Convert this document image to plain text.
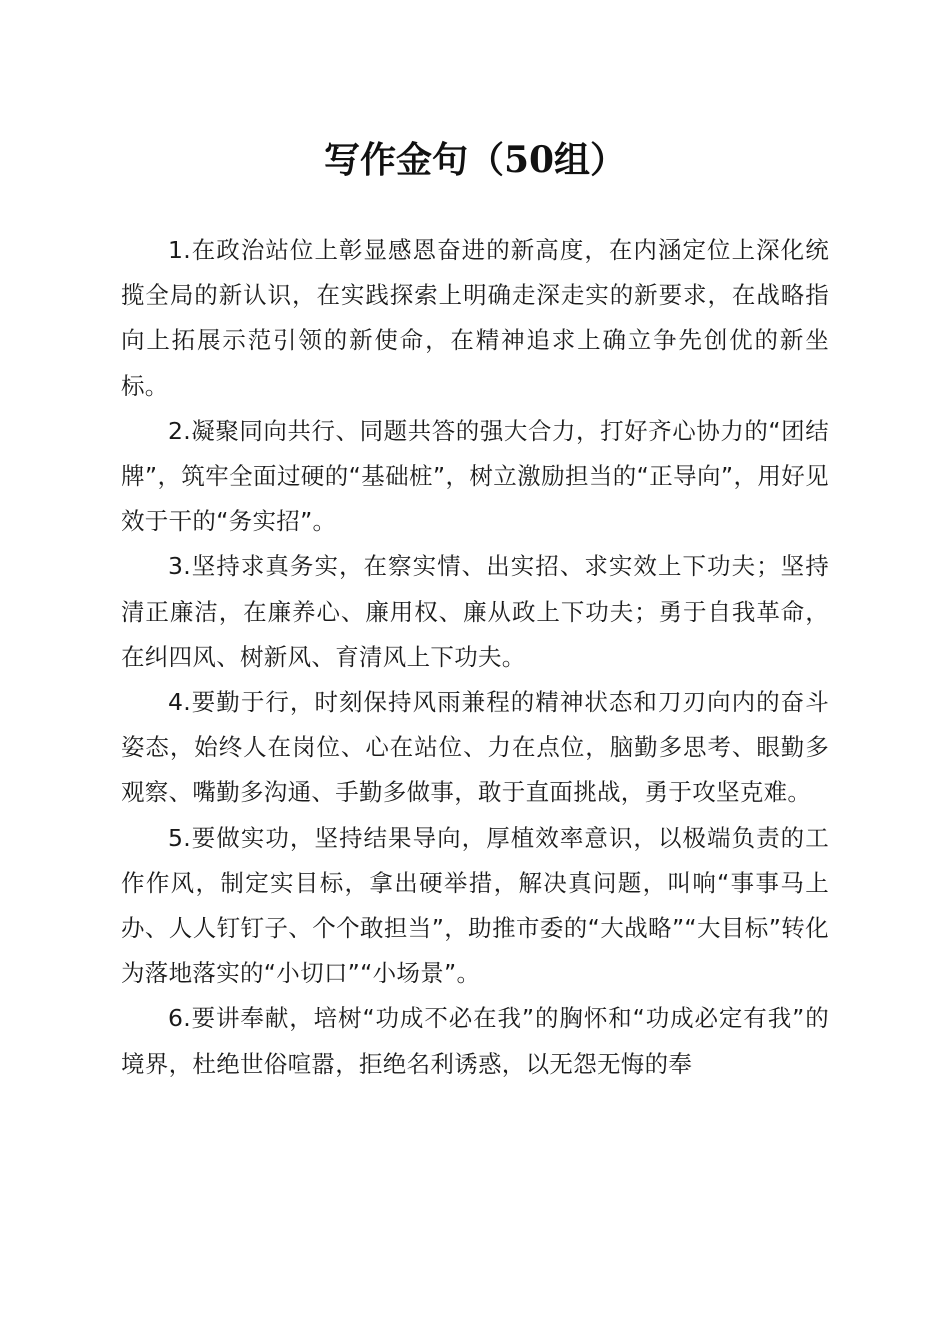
写作金句（50组）

1.在政治站位上彰显感恩奋进的新高度，在内涵定位上深化统揽全局的新认识，在实践探索上明确走深走实的新要求，在战略指向上拓展示范引领的新使命，在精神追求上确立争先创优的新坐标。

2.凝聚同向共行、同题共答的强大合力，打好齐心协力的“团结牌”，筑牢全面过硬的“基础桩”，树立激励担当的“正导向”，用好见效于干的“务实招”。

3.坚持求真务实，在察实情、出实招、求实效上下功夫；坚持清正廉洁，在廉养心、廉用权、廉从政上下功夫；勇于自我革命，在纠四风、树新风、育清风上下功夫。

4.要勤于行，时刻保持风雨兼程的精神状态和刀刃向内的奋斗姿态，始终人在岗位、心在站位、力在点位，脑勤多思考、眼勤多观察、嘴勤多沟通、手勤多做事，敢于直面挑战，勇于攻坚克难。

5.要做实功，坚持结果导向，厚植效率意识，以极端负责的工作作风，制定实目标，拿出硬举措，解决真问题，叫响“事事马上办、人人钉钉子、个个敢担当”，助推市委的“大战略”“大目标”转化为落地落实的“小切口”“小场景”。

6.要讲奉献，培树“功成不必在我”的胸怀和“功成必定有我”的境界，杜绝世俗喧嚣，拒绝名利诱惑，以无怨无悔的奉
